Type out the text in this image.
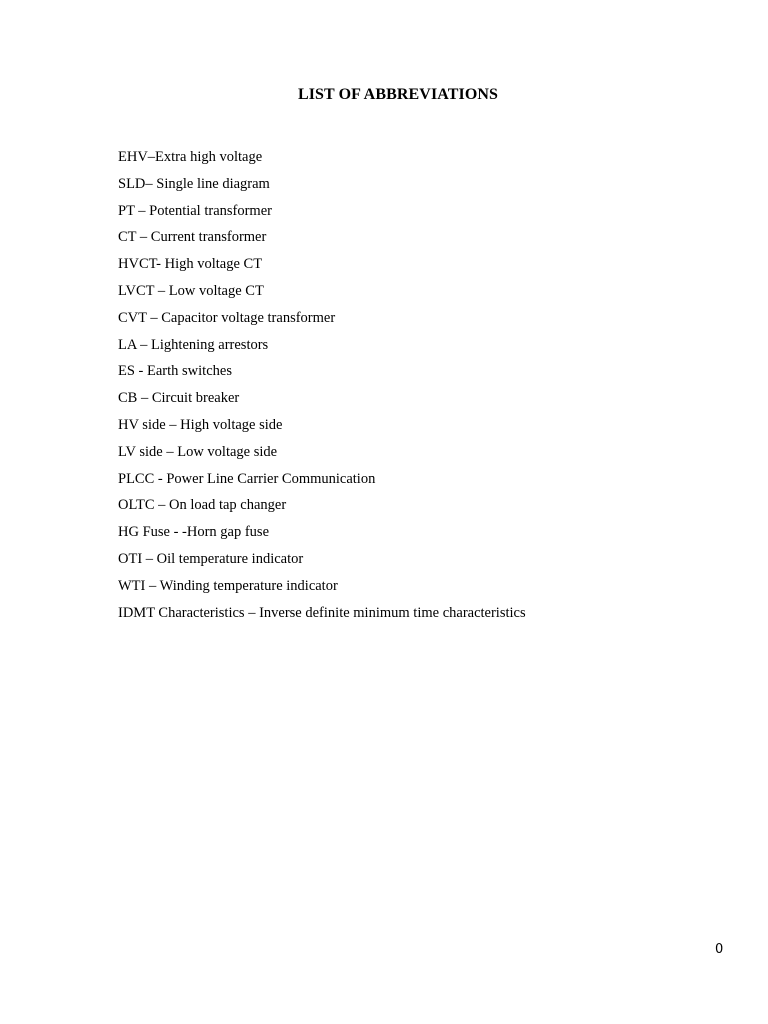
LIST OF ABBREVIATIONS
EHV–Extra high voltage
SLD– Single line diagram
PT – Potential transformer
CT – Current transformer
HVCT- High voltage CT
LVCT – Low voltage CT
CVT – Capacitor voltage transformer
LA – Lightening arrestors
ES - Earth switches
CB – Circuit breaker
HV side – High voltage side
LV side – Low voltage side
PLCC - Power Line Carrier Communication
OLTC – On load tap changer
HG Fuse - -Horn gap fuse
OTI – Oil temperature indicator
WTI – Winding temperature indicator
IDMT Characteristics – Inverse definite minimum time characteristics
0
